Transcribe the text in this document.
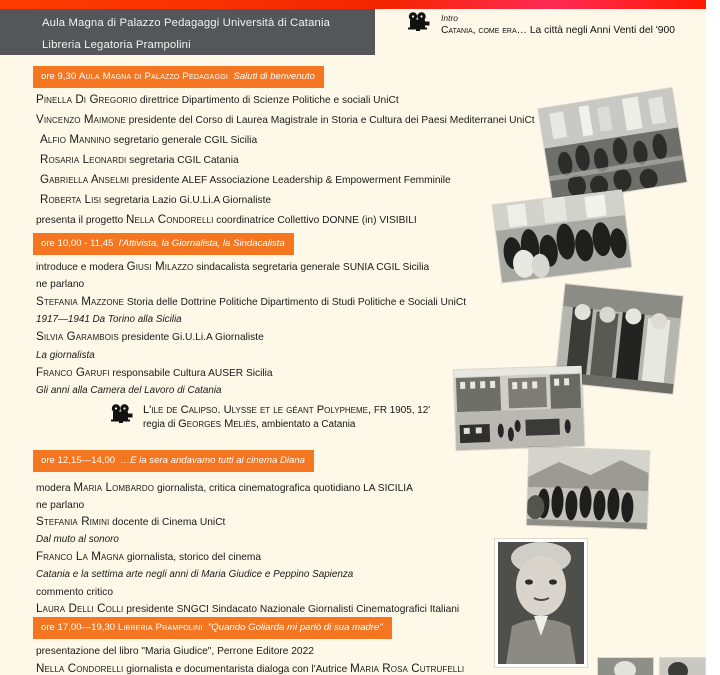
Aula Magna di Palazzo Pedagaggi Università di Catania
Libreria Legatoria Prampolini
Intro
Catania, come era… La città negli Anni Venti del '900
ore 9,30 Aula Magna di Palazzo Pedagaggi Saluti di benvenuto
Pinella Di Gregorio direttrice Dipartimento di Scienze Politiche e sociali UniCt
Vincenzo Maimone presidente del Corso di Laurea Magistrale in Storia e Cultura dei Paesi Mediterranei UniCt
Alfio Mannino segretario generale CGIL Sicilia
Rosaria Leonardi segretaria CGIL Catania
Gabriella Anselmi presidente ALEF Associazione Leadership & Empowerment Femminile
Roberta Lisi segretaria Lazio Gi.U.Li.A Giornaliste
presenta il progetto Nella Condorelli coordinatrice Collettivo DONNE (in) VISIBILI
ore 10,00 - 11,45 l'Attivista, la Giornalista, la Sindacalista
introduce e modera Giusi Milazzo sindacalista segretaria generale SUNIA CGIL Sicilia
ne parlano
Stefania Mazzone Storia delle Dottrine Politiche Dipartimento di Studi Politiche e Sociali UniCt
1917—1941 Da Torino alla Sicilia
Silvia Garambois presidente Gi.U.Li.A Giornaliste
La giornalista
Franco Garufi responsabile Cultura AUSER Sicilia
Gli anni alla Camera del Lavoro di Catania
L'ile de Calipso. Ulysse et le géant Polypheme, FR 1905, 12'
regia di Georges Meliès, ambientato a Catania
ore 12,15—14,00 …E la sera andavamo tutti al cinema Diana
modera Maria Lombardo giornalista, critica cinematografica quotidiano LA SICILIA
ne parlano
Stefania Rimini docente di Cinema UniCt
Dal muto al sonoro
Franco La Magna giornalista, storico del cinema
Catania e la settima arte negli anni di Maria Giudice e Peppino Sapienza
commento critico
Laura Delli Colli presidente SNGCI Sindacato Nazionale Giornalisti Cinematografici Italiani
ore 17,00—19,30 Libreria Prampolini "Quando Goliarda mi parlò di sua madre"
presentazione del libro "Maria Giudice", Perrone Editore 2022
Nella Condorelli giornalista e documentarista dialoga con l'Autrice Maria Rosa Cutrufelli
